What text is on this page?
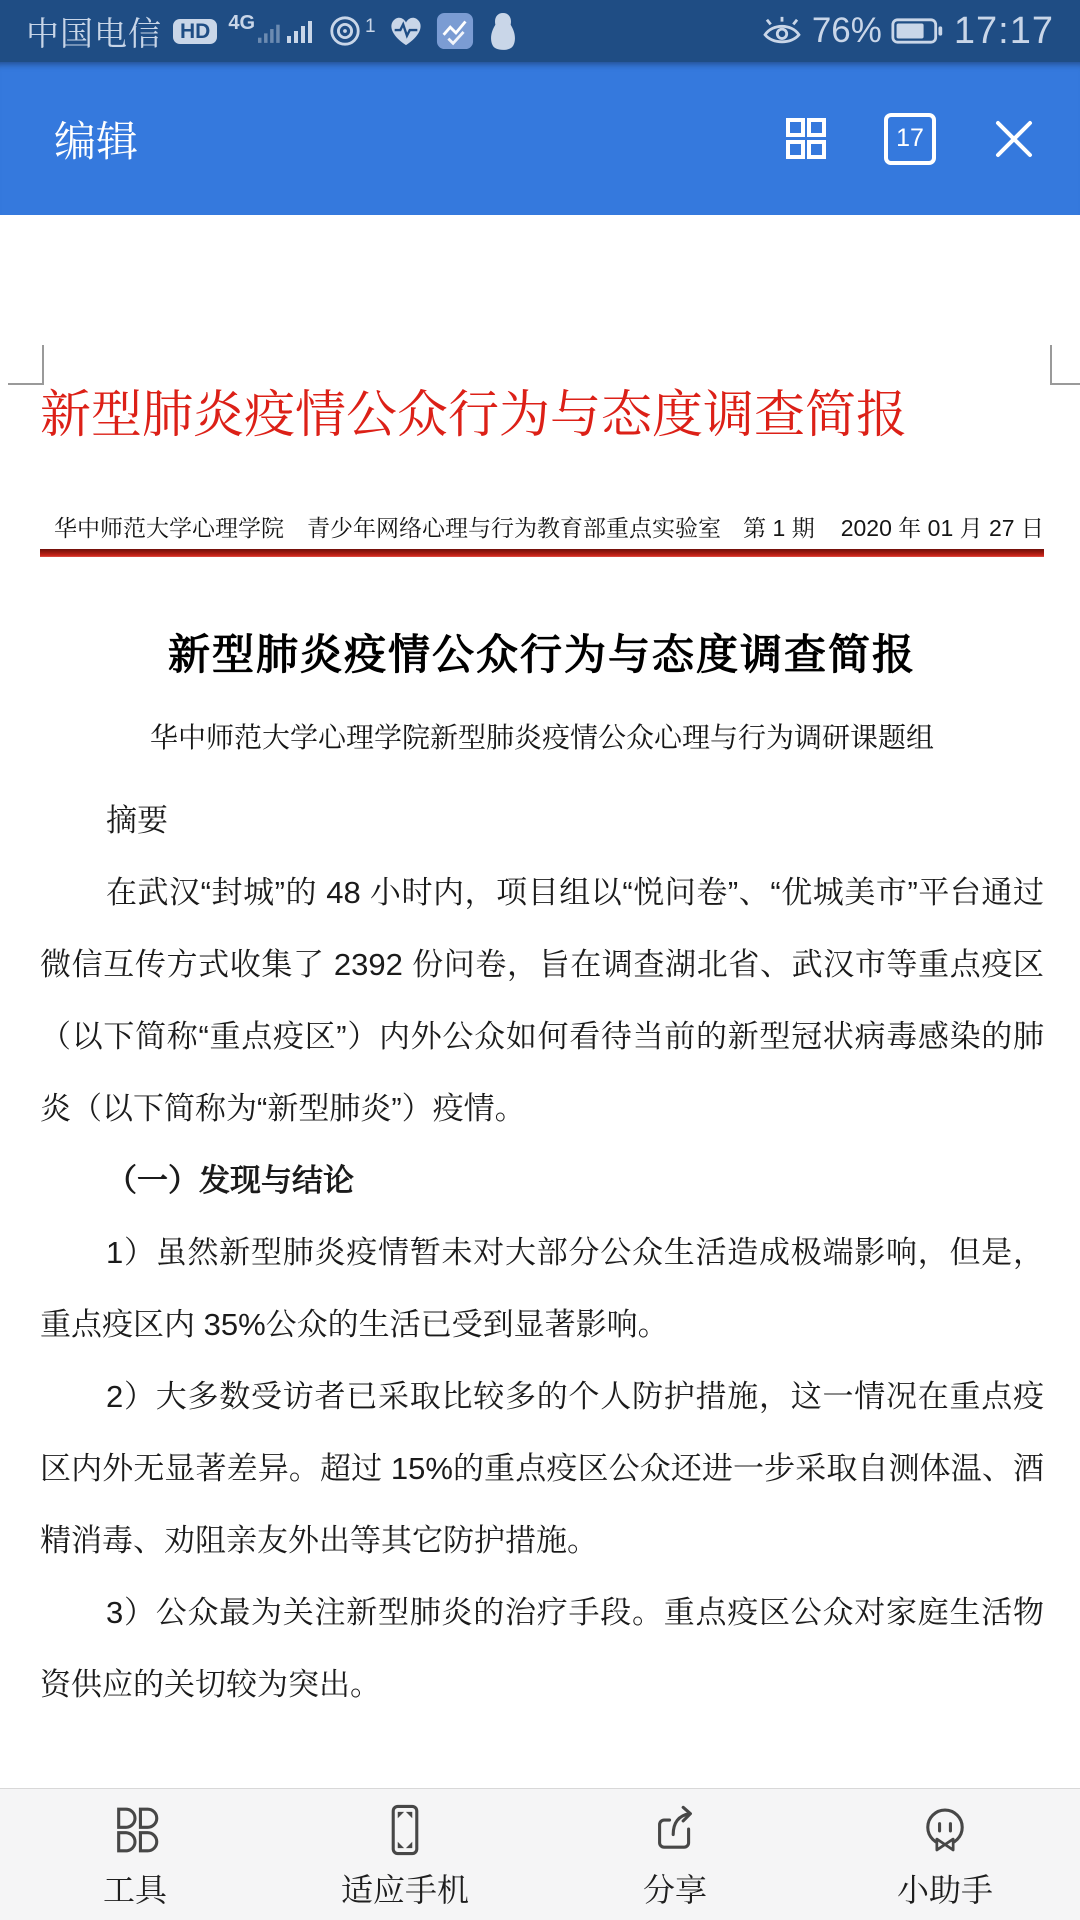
中国电信 HD 4G	1	76% 17:17
编辑	17
新型肺炎疫情公众行为与态度调查简报
华中师范大学心理学院　青少年网络心理与行为教育部重点实验室 第 1 期 2020 年 01 月 27 日
新型肺炎疫情公众行为与态度调查简报
华中师范大学心理学院新型肺炎疫情公众心理与行为调研课题组

摘要

在武汉“封城”的 48 小时内，项目组以“悦问卷”、“优城美市”平台通过微信互传方式收集了 2392 份问卷，旨在调查湖北省、武汉市等重点疫区（以下简称“重点疫区”）内外公众如何看待当前的新型冠状病毒感染的肺炎（以下简称为“新型肺炎”）疫情。

（一）发现与结论

1）虽然新型肺炎疫情暂未对大部分公众生活造成极端影响，但是，重点疫区内 35%公众的生活已受到显著影响。

2）大多数受访者已采取比较多的个人防护措施，这一情况在重点疫区内外无显著差异。超过 15%的重点疫区公众还进一步采取自测体温、酒精消毒、劝阻亲友外出等其它防护措施。

3）公众最为关注新型肺炎的治疗手段。重点疫区公众对家庭生活物资供应的关切较为突出。

工具	适应手机	分享	小助手
